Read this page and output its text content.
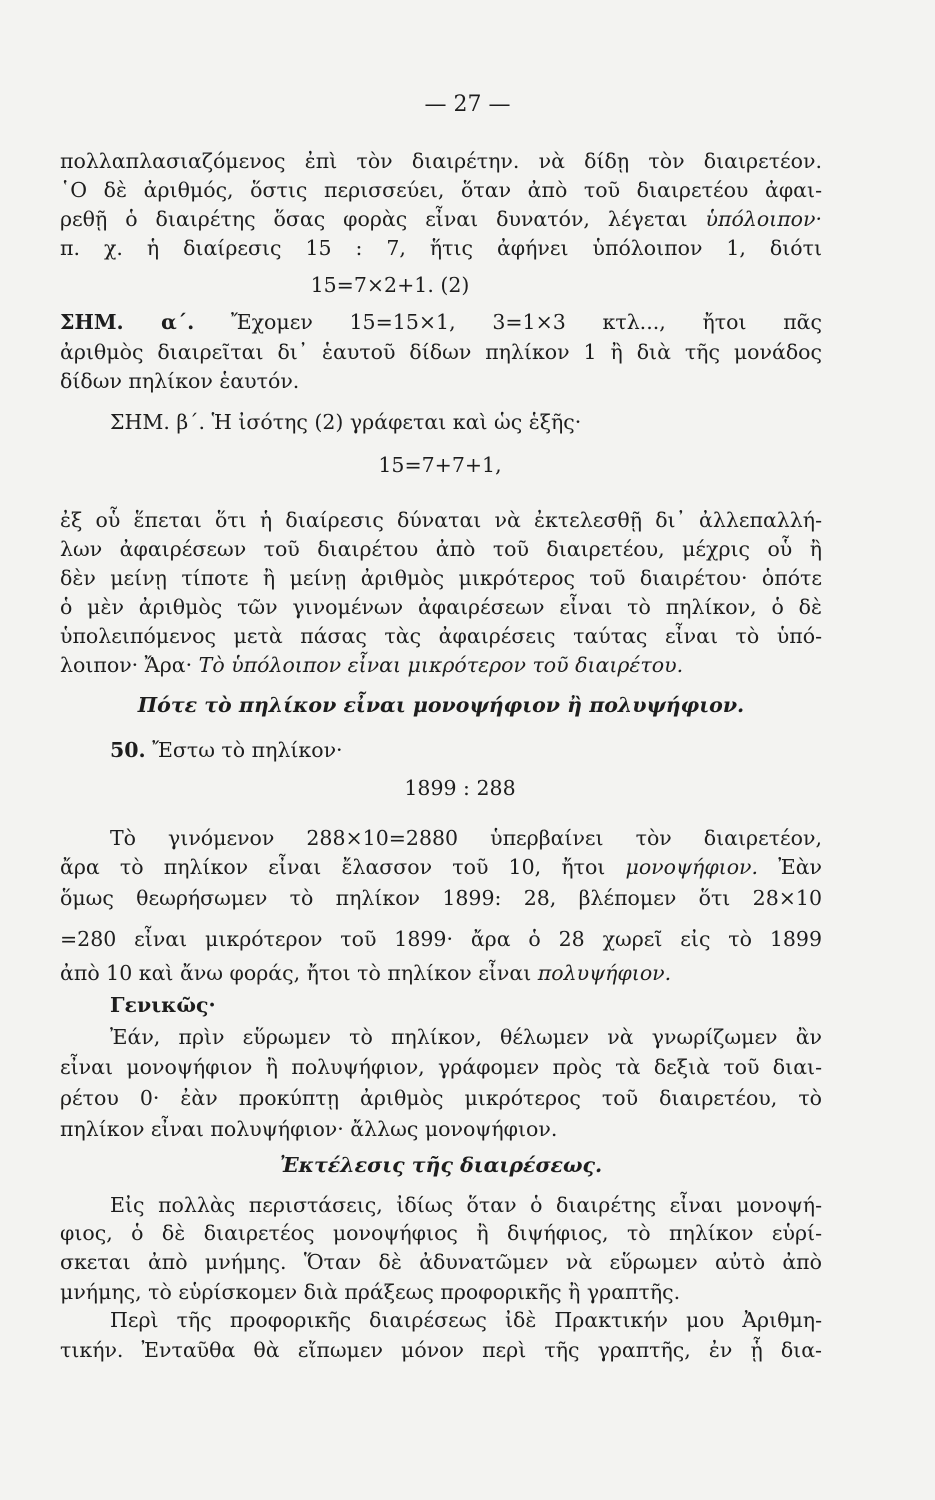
— 27 —
πολλαπλασιαζόμενος ἐπὶ τὸν διαιρέτην. νὰ δίδῃ τὸν διαιρετέον.
῾Ο δὲ ἀριθμός, ὅστις περισσεύει, ὅταν ἀπὸ τοῦ διαιρετέου ἀφαι-
ρεθῇ ὁ διαιρέτης ὅσας φορὰς εἶναι δυνατόν, λέγεται ὑπόλοιπον·
π. χ. ἡ διαίρεσις 15 : 7, ἥτις ἀφήνει ὑπόλοιπον 1, διότι
15=7×2+1. (2)
ΣΗΜ. α΄. Ἔχομεν 15=15×1, 3=1×3 κτλ..., ἤτοι πᾶς
ἀριθμὸς διαιρεῖται δι᾽ ἑαυτοῦ δίδων πηλίκον 1 ἢ διὰ τῆς μονάδος
δίδων πηλίκον ἑαυτόν.
ΣΗΜ. β΄. Ἡ ἰσότης (2) γράφεται καὶ ὡς ἑξῆς·
15=7+7+1,
ἐξ οὗ ἕπεται ὅτι ἡ διαίρεσις δύναται νὰ ἐκτελεσθῇ δι᾽ ἀλλεπαλλή-
λων ἀφαιρέσεων τοῦ διαιρέτου ἀπὸ τοῦ διαιρετέου, μέχρις οὗ ἢ
δὲν μείνῃ τίποτε ἢ μείνῃ ἀριθμὸς μικρότερος τοῦ διαιρέτου· ὁπότε
ὁ μὲν ἀριθμὸς τῶν γινομένων ἀφαιρέσεων εἶναι τὸ πηλίκον, ὁ δὲ
ὑπολειπόμενος μετὰ πάσας τὰς ἀφαιρέσεις ταύτας εἶναι τὸ ὑπό-
λοιπον· Ἄρα· Τὸ ὑπόλοιπον εἶναι μικρότερον τοῦ διαιρέτου.
Πότε τὸ πηλίκον εἶναι μονοψήφιον ἢ πολυψήφιον.
50. Ἔστω τὸ πηλίκον·
1899 : 288
Τὸ γινόμενον 288×10=2880 ὑπερβαίνει τὸν διαιρετέον,
ἄρα τὸ πηλίκον εἶναι ἔλασσον τοῦ 10, ἤτοι μονοψήφιον. Ἐὰν
ὅμως θεωρήσωμεν τὸ πηλίκον 1899: 28, βλέπομεν ὅτι 28×10
=280 εἶναι μικρότερον τοῦ 1899· ἄρα ὁ 28 χωρεῖ εἰς τὸ 1899
ἀπὸ 10 καὶ ἄνω φοράς, ἤτοι τὸ πηλίκον εἶναι πολυψήφιον.
Γενικῶς·
Ἐάν, πρὶν εὕρωμεν τὸ πηλίκον, θέλωμεν νὰ γνωρίζωμεν ἂν
εἶναι μονοψήφιον ἢ πολυψήφιον, γράφομεν πρὸς τὰ δεξιὰ τοῦ διαι-
ρέτου 0· ἐὰν προκύπτῃ ἀριθμὸς μικρότερος τοῦ διαιρετέου, τὸ
πηλίκον εἶναι πολυψήφιον· ἄλλως μονοψήφιον.
Ἐκτέλεσις τῆς διαιρέσεως.
Εἰς πολλὰς περιστάσεις, ἰδίως ὅταν ὁ διαιρέτης εἶναι μονοψή-
φιος, ὁ δὲ διαιρετέος μονοψήφιος ἢ διψήφιος, τὸ πηλίκον εὑρί-
σκεται ἀπὸ μνήμης. Ὅταν δὲ ἀδυνατῶμεν νὰ εὕρωμεν αὐτὸ ἀπὸ
μνήμης, τὸ εὑρίσκομεν διὰ πράξεως προφορικῆς ἢ γραπτῆς.
Περὶ τῆς προφορικῆς διαιρέσεως ἰδὲ Πρακτικήν μου Ἀριθμη-
τικήν. Ἐνταῦθα θὰ εἴπωμεν μόνον περὶ τῆς γραπτῆς, ἐν ᾗ δια-
